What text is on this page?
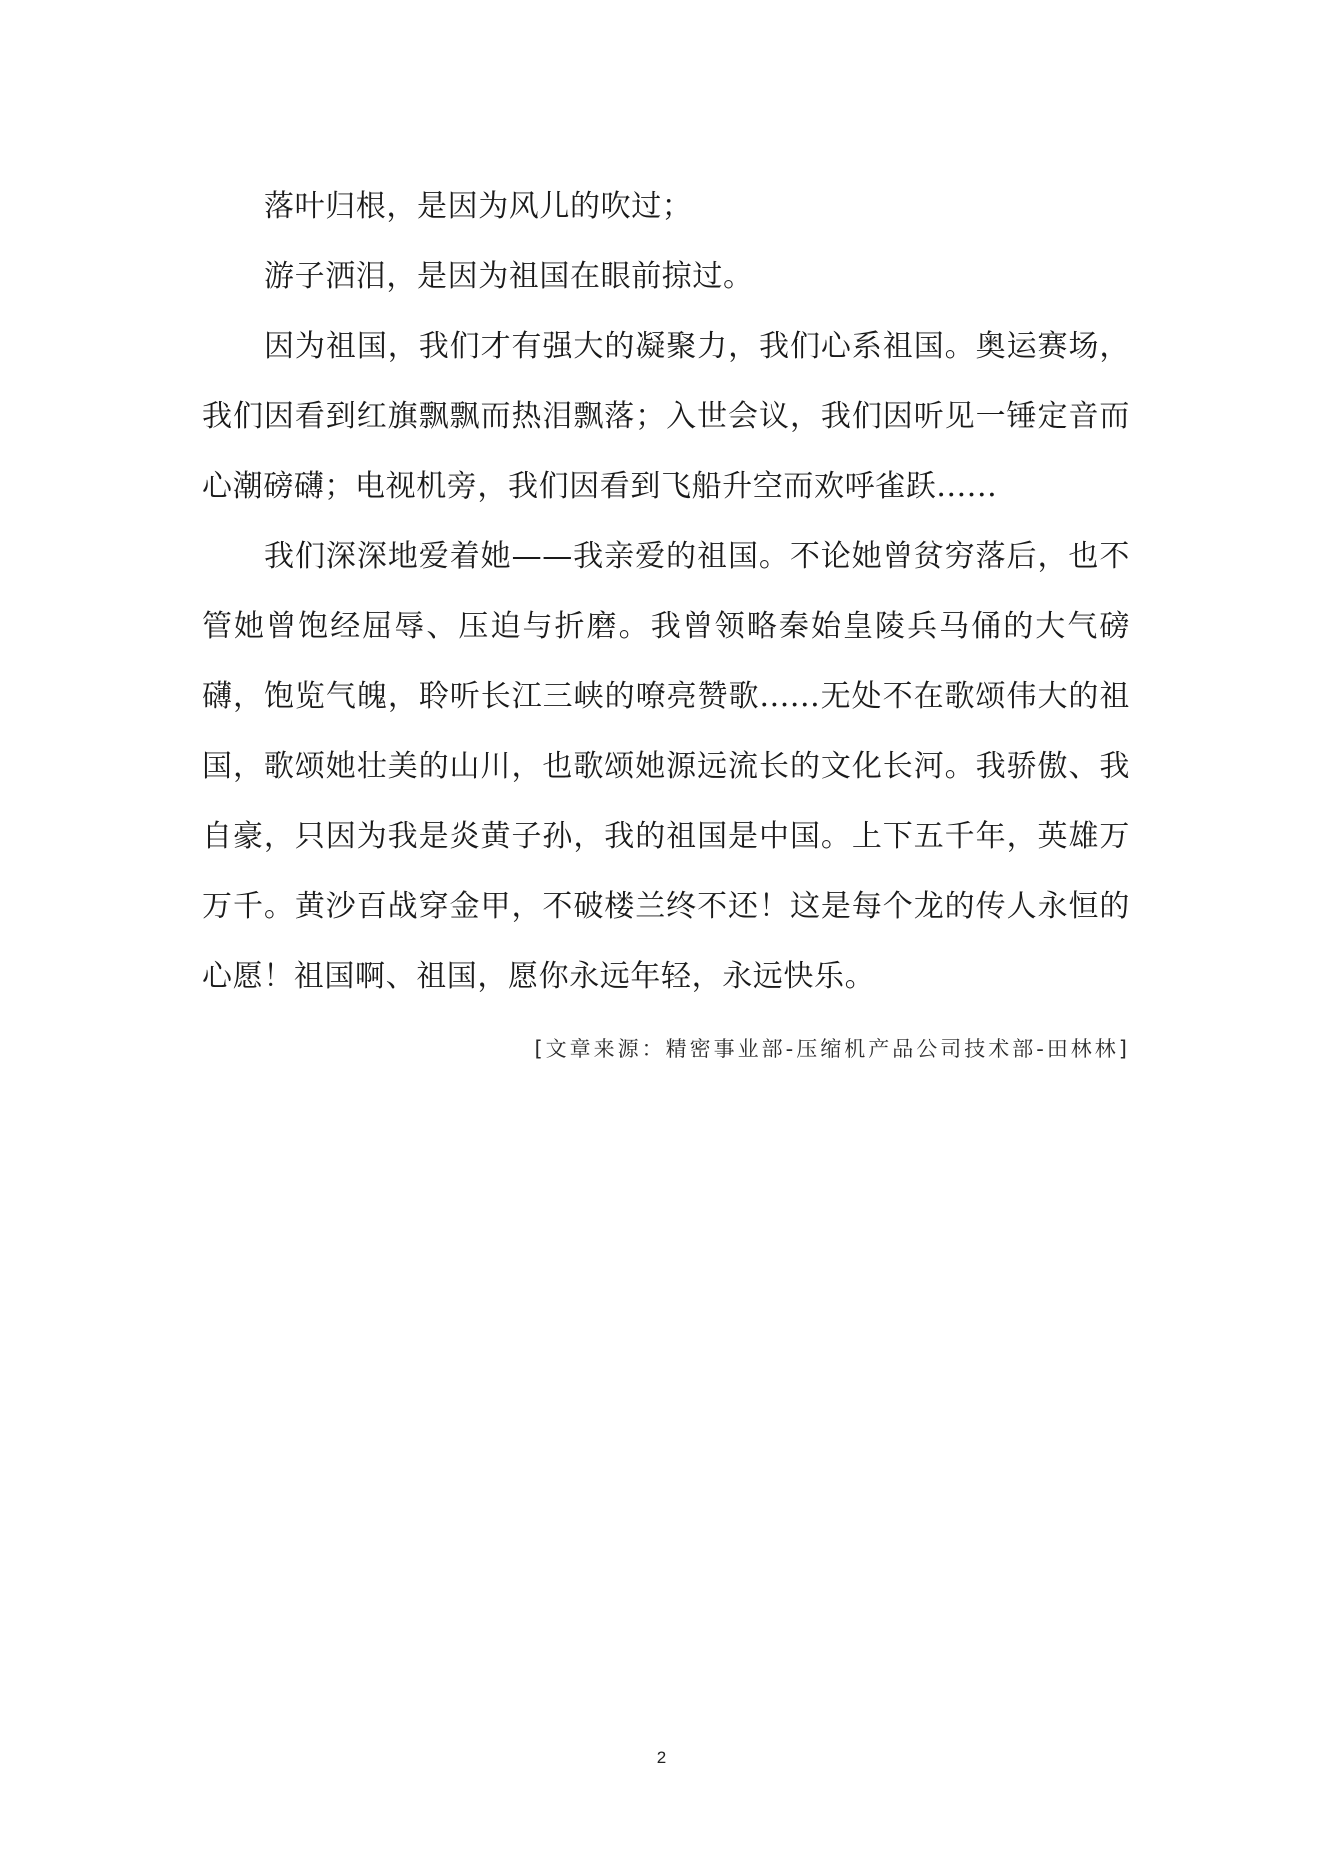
落叶归根，是因为风儿的吹过；

游子洒泪，是因为祖国在眼前掠过。

因为祖国，我们才有强大的凝聚力，我们心系祖国。奥运赛场，我们因看到红旗飘飘而热泪飘落；入世会议，我们因听见一锤定音而心潮磅礴；电视机旁，我们因看到飞船升空而欢呼雀跃......

我们深深地爱着她——我亲爱的祖国。不论她曾贫穷落后，也不管她曾饱经屈辱、压迫与折磨。我曾领略秦始皇陵兵马俑的大气磅礴，饱览气魄，聆听长江三峡的嘹亮赞歌......无处不在歌颂伟大的祖国，歌颂她壮美的山川，也歌颂她源远流长的文化长河。我骄傲、我自豪，只因为我是炎黄子孙，我的祖国是中国。上下五千年，英雄万万千。黄沙百战穿金甲，不破楼兰终不还！这是每个龙的传人永恒的心愿！祖国啊、祖国，愿你永远年轻，永远快乐。

[文章来源：精密事业部-压缩机产品公司技术部-田林林]

2
